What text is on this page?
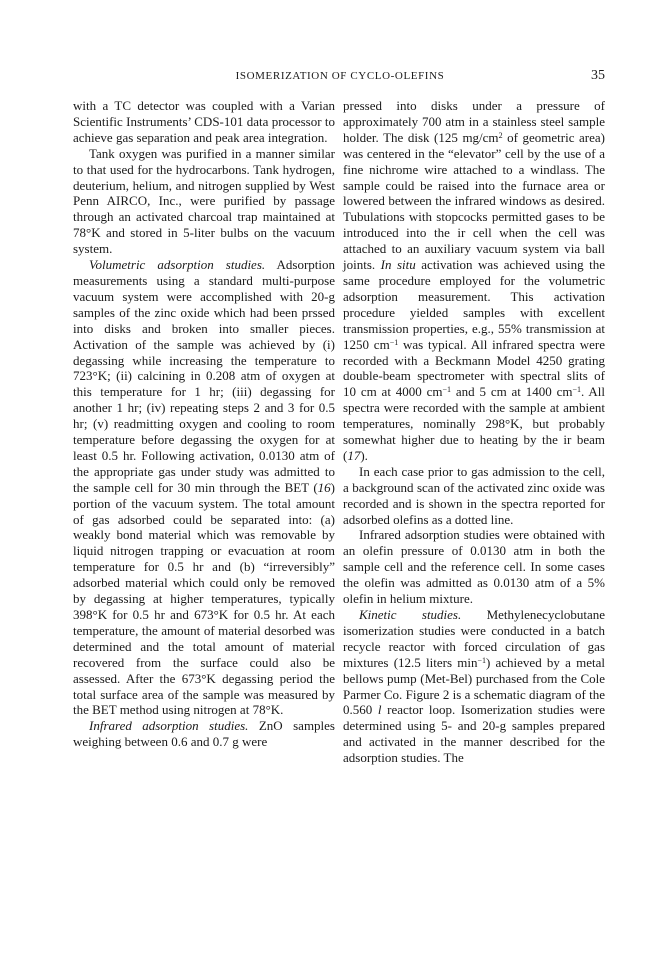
ISOMERIZATION OF CYCLO-OLEFINS	35

with a TC detector was coupled with a Varian Scientific Instruments’ CDS-101 data processor to achieve gas separation and peak area integration.

Tank oxygen was purified in a manner similar to that used for the hydrocarbons. Tank hydrogen, deuterium, helium, and nitrogen supplied by West Penn AIRCO, Inc., were purified by passage through an activated charcoal trap maintained at 78°K and stored in 5-liter bulbs on the vacuum system.

Volumetric adsorption studies. Adsorption measurements using a standard multi-purpose vacuum system were accomplished with 20-g samples of the zinc oxide which had been prssed into disks and broken into smaller pieces. Activation of the sample was achieved by (i) degassing while increasing the temperature to 723°K; (ii) calcining in 0.208 atm of oxygen at this temperature for 1 hr; (iii) degassing for another 1 hr; (iv) repeating steps 2 and 3 for 0.5 hr; (v) readmitting oxygen and cooling to room temperature before degassing the oxygen for at least 0.5 hr. Following activation, 0.0130 atm of the appropriate gas under study was admitted to the sample cell for 30 min through the BET (16) portion of the vacuum system. The total amount of gas adsorbed could be separated into: (a) weakly bond material which was removable by liquid nitrogen trapping or evacuation at room temperature for 0.5 hr and (b) “irreversibly” adsorbed material which could only be removed by degassing at higher temperatures, typically 398°K for 0.5 hr and 673°K for 0.5 hr. At each temperature, the amount of material desorbed was determined and the total amount of material recovered from the surface could also be assessed. After the 673°K degassing period the total surface area of the sample was measured by the BET method using nitrogen at 78°K.

Infrared adsorption studies. ZnO samples weighing between 0.6 and 0.7 g were

pressed into disks under a pressure of approximately 700 atm in a stainless steel sample holder. The disk (125 $mg/cm^2$ of geometric area) was centered in the “elevator” cell by the use of a fine nichrome wire attached to a windlass. The sample could be raised into the furnace area or lowered between the infrared windows as desired. Tubulations with stopcocks permitted gases to be introduced into the ir cell when the cell was attached to an auxiliary vacuum system via ball joints. In situ activation was achieved using the same procedure employed for the volumetric adsorption measurement. This activation procedure yielded samples with excellent transmission properties, e.g., 55% transmission at 1250 $cm^{-1}$ was typical. All infrared spectra were recorded with a Beckmann Model 4250 grating double-beam spectrometer with spectral slits of 10 cm at 4000 $cm^{-1}$ and 5 cm at 1400 $cm^{-1}$. All spectra were recorded with the sample at ambient temperatures, nominally 298°K, but probably somewhat higher due to heating by the ir beam (17).

In each case prior to gas admission to the cell, a background scan of the activated zinc oxide was recorded and is shown in the spectra reported for adsorbed olefins as a dotted line.

Infrared adsorption studies were obtained with an olefin pressure of 0.0130 atm in both the sample cell and the reference cell. In some cases the olefin was admitted as 0.0130 atm of a 5% olefin in helium mixture.

Kinetic studies. Methylenecyclobutane isomerization studies were conducted in a batch recycle reactor with forced circulation of gas mixtures (12.5 liters $\min^{-1}$) achieved by a metal bellows pump (Met-Bel) purchased from the Cole Parmer Co. Figure 2 is a schematic diagram of the 0.560 l reactor loop. Isomerization studies were determined using 5- and 20-g samples prepared and activated in the manner described for the adsorption studies. The
